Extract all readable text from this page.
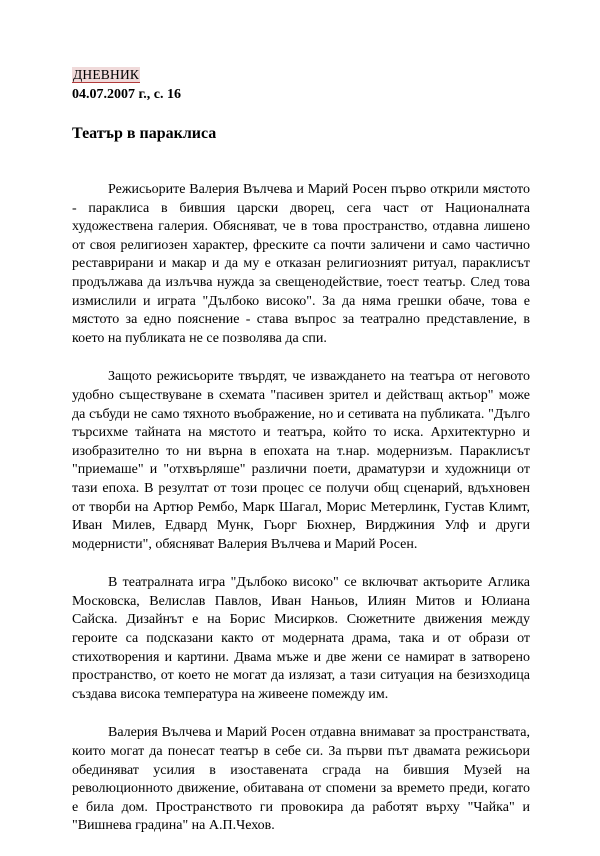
ДНЕВНИК
04.07.2007 г., с. 16
Театър в параклиса

Режисьорите Валерия Вълчева и Марий Росен първо открили мястото - параклиса в бившия царски дворец, сега част от Националната художествена галерия. Обясняват, че в това пространство, отдавна лишено от своя религиозен характер, фреските са почти заличени и само частично реставрирани и макар и да му е отказан религиозният ритуал, параклисът продължава да излъчва нужда за свещенодействие, тоест театър. След това измислили и играта "Дълбоко високо". За да няма грешки обаче, това е мястото за едно пояснение - става въпрос за театрално представление, в което на публиката не се позволява да спи.

Защото режисьорите твърдят, че изваждането на театъра от неговото удобно съществуване в схемата "пасивен зрител и действащ актьор" може да събуди не само тяхното въображение, но и сетивата на публиката. "Дълго търсихме тайната на мястото и театъра, който то иска. Архитектурно и изобразително то ни върна в епохата на т.нар. модернизъм. Параклисът "приемаше" и "отхвърляше" различни поети, драматурзи и художници от тази епоха. В резултат от този процес се получи общ сценарий, вдъхновен от творби на Артюр Рембо, Марк Шагал, Морис Метерлинк, Густав Климт, Иван Милев, Едвард Мунк, Гьорг Бюхнер, Вирджиния Улф и други модернисти", обясняват Валерия Вълчева и Марий Росен.

В театралната игра "Дълбоко високо" се включват актьорите Аглика Московска, Велислав Павлов, Иван Наньов, Илиян Митов и Юлиана Сайска. Дизайнът е на Борис Мисирков. Сюжетните движения между героите са подсказани както от модерната драма, така и от образи от стихотворения и картини. Двама мъже и две жени се намират в затворено пространство, от което не могат да излязат, а тази ситуация на безизходица създава висока температура на живеене помежду им.

Валерия Вълчева и Марий Росен отдавна внимават за пространствата, които могат да понесат театър в себе си. За първи път двамата режисьори обединяват усилия в изоставената сграда на бившия Музей на революционното движение, обитавана от спомени за времето преди, когато е била дом. Пространството ги провокира да работят върху "Чайка" и "Вишнева градина" на А.П.Чехов.
